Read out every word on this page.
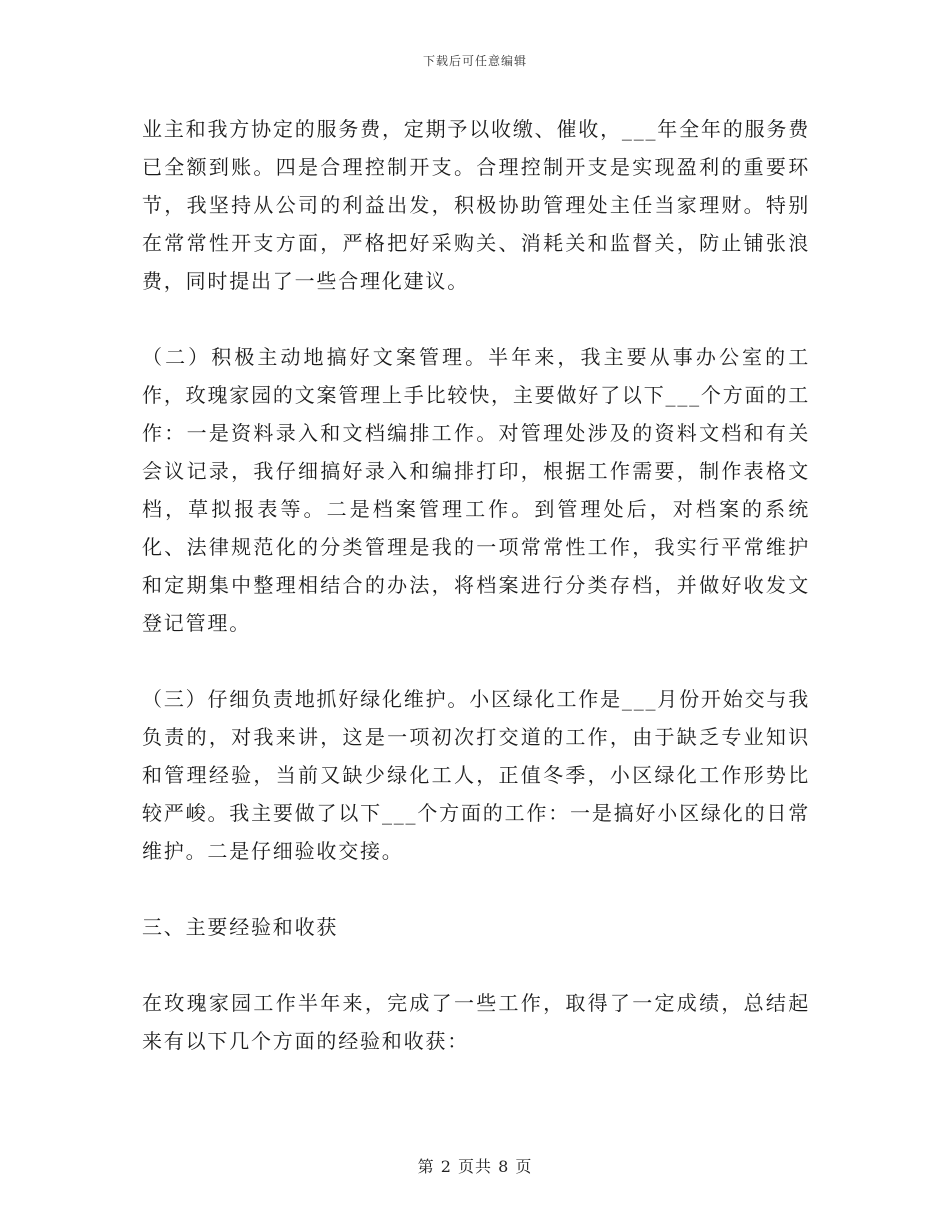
下载后可任意编辑

业主和我方协定的服务费，定期予以收缴、催收，___年全年的服务费已全额到账。四是合理控制开支。合理控制开支是实现盈利的重要环节，我坚持从公司的利益出发，积极协助管理处主任当家理财。特别在常常性开支方面，严格把好采购关、消耗关和监督关，防止铺张浪费，同时提出了一些合理化建议。

（二）积极主动地搞好文案管理。半年来，我主要从事办公室的工作，玫瑰家园的文案管理上手比较快，主要做好了以下___个方面的工作：一是资料录入和文档编排工作。对管理处涉及的资料文档和有关会议记录，我仔细搞好录入和编排打印，根据工作需要，制作表格文档，草拟报表等。二是档案管理工作。到管理处后，对档案的系统化、法律规范化的分类管理是我的一项常常性工作，我实行平常维护和定期集中整理相结合的办法，将档案进行分类存档，并做好收发文登记管理。

（三）仔细负责地抓好绿化维护。小区绿化工作是___月份开始交与我负责的，对我来讲，这是一项初次打交道的工作，由于缺乏专业知识和管理经验，当前又缺少绿化工人，正值冬季，小区绿化工作形势比较严峻。我主要做了以下___个方面的工作：一是搞好小区绿化的日常维护。二是仔细验收交接。

三、主要经验和收获

在玫瑰家园工作半年来，完成了一些工作，取得了一定成绩，总结起来有以下几个方面的经验和收获：

第 2 页共 8 页
